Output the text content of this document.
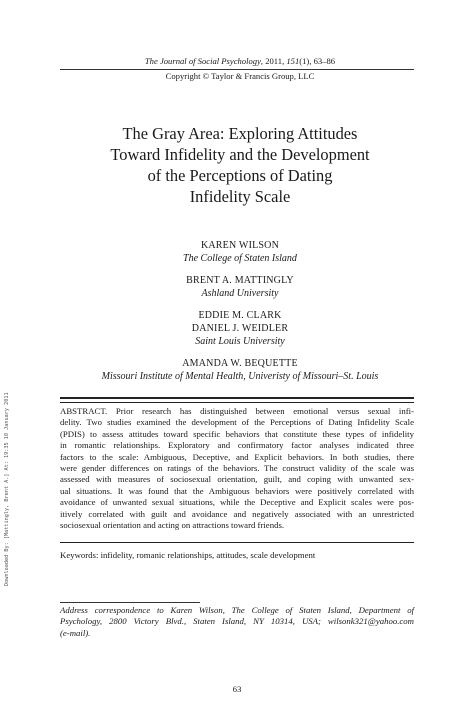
The Journal of Social Psychology, 2011, 151(1), 63–86
Copyright © Taylor & Francis Group, LLC
The Gray Area: Exploring Attitudes
Toward Infidelity and the Development
of the Perceptions of Dating
Infidelity Scale
KAREN WILSON
The College of Staten Island
BRENT A. MATTINGLY
Ashland University
EDDIE M. CLARK
DANIEL J. WEIDLER
Saint Louis University
AMANDA W. BEQUETTE
Missouri Institute of Mental Health, Univeristy of Missouri–St. Louis
Downloaded By: [Mattingly, Brent A.] At: 19:35 10 January 2011	ABSTRACT. Prior research has distinguished between emotional versus sexual infi-
delity. Two studies examined the development of the Perceptions of Dating Infidelity Scale
(PDIS) to assess attitudes toward specific behaviors that constitute these types of infidelity
in romantic relationships. Exploratory and confirmatory factor analyses indicated three
factors to the scale: Ambiguous, Deceptive, and Explicit behaviors. In both studies, there
were gender differences on ratings of the behaviors. The construct validity of the scale was
assessed with measures of sociosexual orientation, guilt, and coping with unwanted sex-
ual situations. It was found that the Ambiguous behaviors were positively correlated with
avoidance of unwanted sexual situations, while the Deceptive and Explicit scales were pos-
itively correlated with guilt and avoidance and negatively associated with an unrestricted
sociosexual orientation and acting on attractions toward friends.
Keywords: infidelity, romanic relationships, attitudes, scale development
Address correspondence to Karen Wilson, The College of Staten Island, Department of
Psychology, 2800 Victory Blvd., Staten Island, NY 10314, USA; wilsonk321@yahoo.com
(e-mail).
63
